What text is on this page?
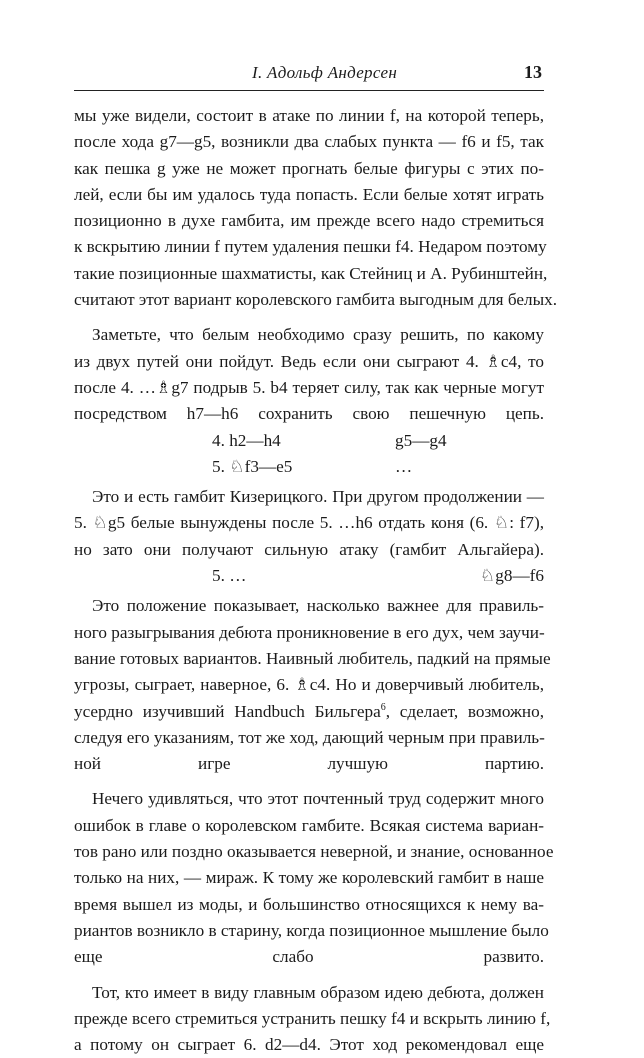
I. Адольф Андерсен	13

мы уже видели, состоит в атаке по линии f, на которой теперь,
после хода g7—g5, возникли два слабых пункта — f6 и f5, так
как пешка g уже не может прогнать белые фигуры с этих по-
лей, если бы им удалось туда попасть. Если белые хотят играть
позиционно в духе гамбита, им прежде всего надо стремиться
к вскрытию линии f путем удаления пешки f4. Недаром поэтому
такие позиционные шахматисты, как Стейниц и А. Рубинштейн,
считают этот вариант королевского гамбита выгодным для белых.

Заметьте, что белым необходимо сразу решить, по какому
из двух путей они пойдут. Ведь если они сыграют 4. ♗c4, то
после 4. …♗g7 подрыв 5. b4 теряет силу, так как черные могут
посредством h7—h6 сохранить свою пешечную цепь.

4. h2—h4	g5—g4
5. ♘f3—e5	…

Это и есть гамбит Кизерицкого. При другом продолжении —
5. ♘g5 белые вынуждены после 5. …h6 отдать коня (6. ♘: f7),
но зато они получают сильную атаку (гамбит Альгайера).

5. …	♘g8—f6

Это положение показывает, насколько важнее для правиль-
ного разыгрывания дебюта проникновение в его дух, чем заучи-
вание готовых вариантов. Наивный любитель, падкий на прямые
угрозы, сыграет, наверное, 6. ♗c4. Но и доверчивый любитель,
усердно изучивший Handbuch Бильгера$^6$, сделает, возможно,
следуя его указаниям, тот же ход, дающий черным при правиль-
ной игре лучшую партию.

Нечего удивляться, что этот почтенный труд содержит много
ошибок в главе о королевском гамбите. Всякая система вариан-
тов рано или поздно оказывается неверной, и знание, основанное
только на них, — мираж. К тому же королевский гамбит в наше
время вышел из моды, и большинство относящихся к нему ва-
риантов возникло в старину, когда позиционное мышление было
еще слабо развито.

Тот, кто имеет в виду главным образом идею дебюта, должен
прежде всего стремиться устранить пешку f4 и вскрыть линию f,
а потому он сыграет 6. d2—d4. Этот ход рекомендовал еще
